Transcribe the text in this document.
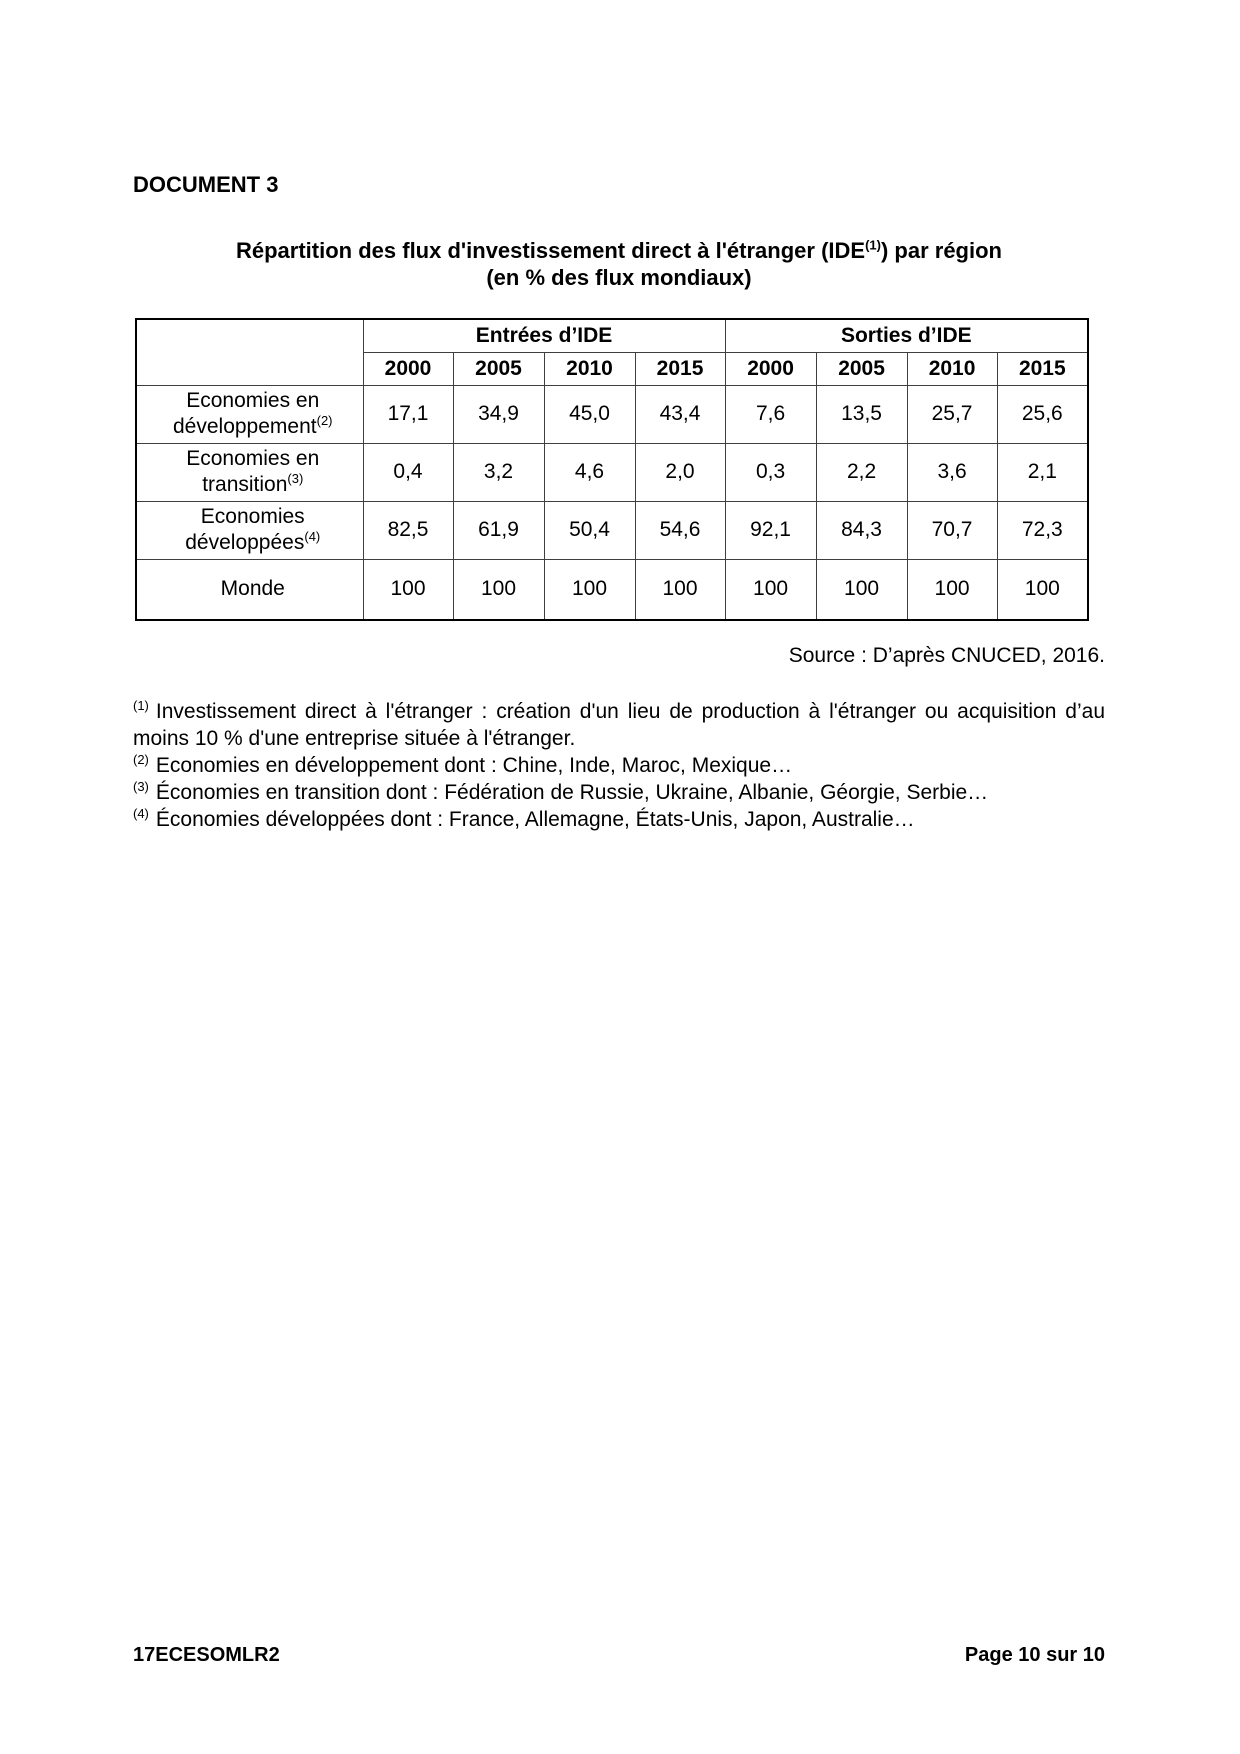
DOCUMENT 3
Répartition des flux d'investissement direct à l'étranger (IDE$^{(1)}$) par région
(en % des flux mondiaux)
	Entrées d’IDE				Sorties d’IDE			
	2000	2005	2010	2015	2000	2005	2010	2015
Economies en développement$^{(2)}$	17,1	34,9	45,0	43,4	7,6	13,5	25,7	25,6
Economies en transition$^{(3)}$	0,4	3,2	4,6	2,0	0,3	2,2	3,6	2,1
Economies développées$^{(4)}$	82,5	61,9	50,4	54,6	92,1	84,3	70,7	72,3
Monde	100	100	100	100	100	100	100	100
Source : D’après CNUCED, 2016.
$^{(1)}$ Investissement direct à l'étranger : création d'un lieu de production à l'étranger ou acquisition d’au moins 10 % d'une entreprise située à l'étranger.
$^{(2)}$ Economies en développement dont : Chine, Inde, Maroc, Mexique…
$^{(3)}$ Économies en transition dont : Fédération de Russie, Ukraine, Albanie, Géorgie, Serbie…
$^{(4)}$ Économies développées dont : France, Allemagne, États-Unis, Japon, Australie…
17ECESOMLR2	Page 10 sur 10
